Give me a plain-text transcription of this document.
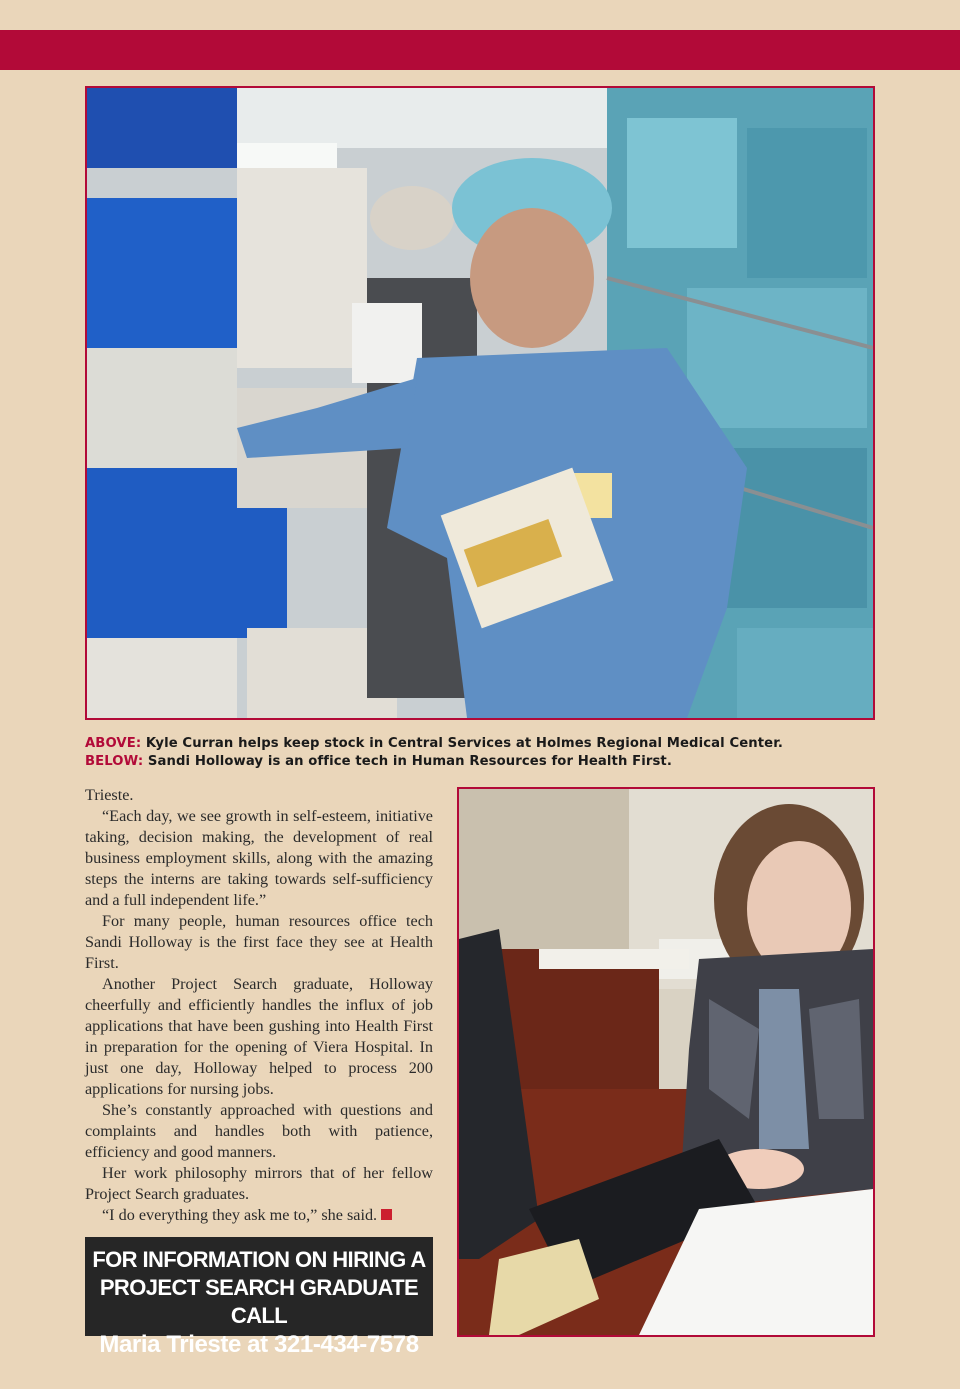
ABOVE: Kyle Curran helps keep stock in Central Services at Holmes Regional Medical Center.
BELOW: Sandi Holloway is an office tech in Human Resources for Health First.

Trieste.

“Each day, we see growth in self-esteem, initiative taking, decision making, the development of real business employment skills, along with the amazing steps the interns are taking towards self-sufficiency and a full independent life.”

For many people, human resources office tech Sandi Holloway is the first face they see at Health First.

Another Project Search graduate, Holloway cheerfully and efficiently handles the influx of job applications that have been gushing into Health First in preparation for the opening of Viera Hospital. In just one day, Holloway helped to process 200 applications for nursing jobs.

She’s constantly approached with questions and complaints and handles both with patience, efficiency and good manners.

Her work philosophy mirrors that of her fellow Project Search graduates.

“I do everything they ask me to,” she said.

FOR INFORMATION ON HIRING A
PROJECT SEARCH GRADUATE CALL
Maria Trieste at 321-434-7578
